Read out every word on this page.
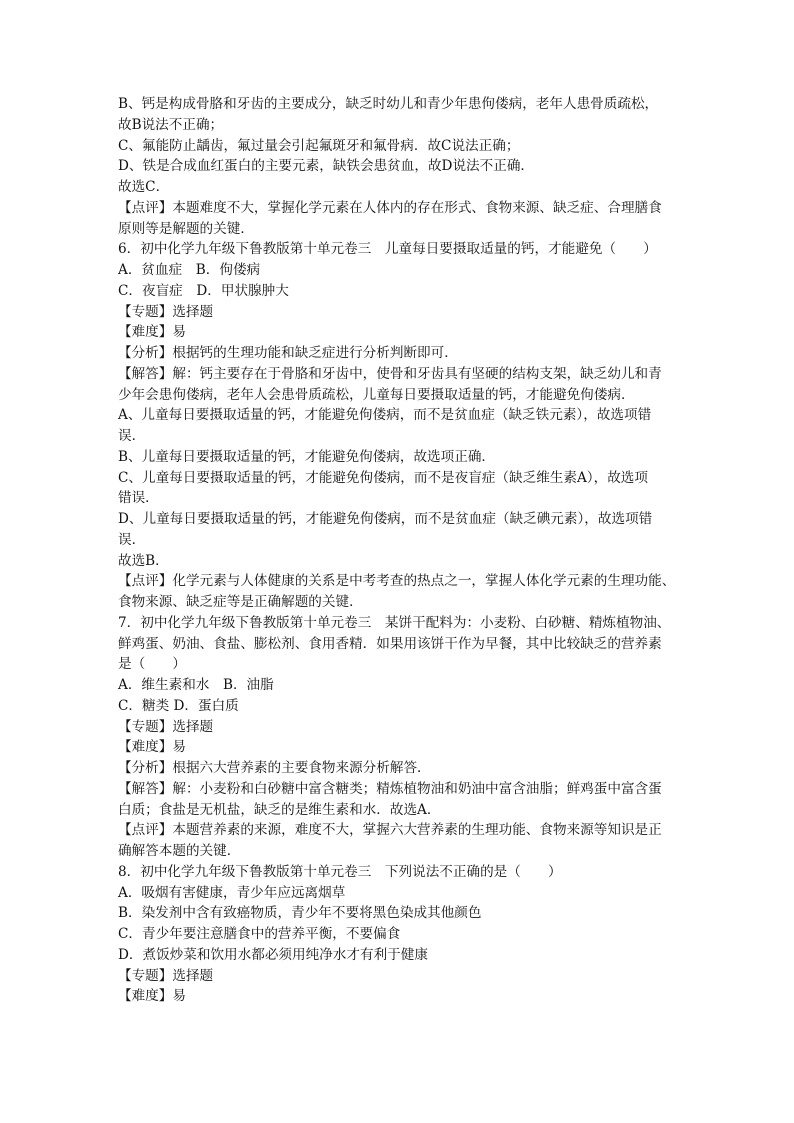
B、钙是构成骨胳和牙齿的主要成分，缺乏时幼儿和青少年患佝偻病，老年人患骨质疏松，
故B说法不正确；
C、氟能防止龋齿，氟过量会引起氟斑牙和氟骨病．故C说法正确；
D、铁是合成血红蛋白的主要元素，缺铁会患贫血，故D说法不正确．
故选C．
【点评】本题难度不大，掌握化学元素在人体内的存在形式、食物来源、缺乏症、合理膳食
原则等是解题的关键．
6．初中化学九年级下鲁教版第十单元卷三　儿童每日要摄取适量的钙，才能避免（　　）
A．贫血症　B．佝偻病
C．夜盲症　D．甲状腺肿大
【专题】选择题
【难度】易
【分析】根据钙的生理功能和缺乏症进行分析判断即可．
【解答】解：钙主要存在于骨胳和牙齿中，使骨和牙齿具有坚硬的结构支架，缺乏幼儿和青
少年会患佝偻病，老年人会患骨质疏松，儿童每日要摄取适量的钙，才能避免佝偻病．
A、儿童每日要摄取适量的钙，才能避免佝偻病，而不是贫血症（缺乏铁元素），故选项错
误．
B、儿童每日要摄取适量的钙，才能避免佝偻病，故选项正确．
C、儿童每日要摄取适量的钙，才能避免佝偻病，而不是夜盲症（缺乏维生素A），故选项
错误．
D、儿童每日要摄取适量的钙，才能避免佝偻病，而不是贫血症（缺乏碘元素），故选项错
误．
故选B．
【点评】化学元素与人体健康的关系是中考考查的热点之一，掌握人体化学元素的生理功能、
食物来源、缺乏症等是正确解题的关键．
7．初中化学九年级下鲁教版第十单元卷三　某饼干配料为：小麦粉、白砂糖、精炼植物油、
鲜鸡蛋、奶油、食盐、膨松剂、食用香精．如果用该饼干作为早餐，其中比较缺乏的营养素
是（　　）
A．维生素和水　B．油脂
C．糖类 D．蛋白质
【专题】选择题
【难度】易
【分析】根据六大营养素的主要食物来源分析解答．
【解答】解：小麦粉和白砂糖中富含糖类；精炼植物油和奶油中富含油脂；鲜鸡蛋中富含蛋
白质；食盐是无机盐，缺乏的是维生素和水．故选A．
【点评】本题营养素的来源，难度不大，掌握六大营养素的生理功能、食物来源等知识是正
确解答本题的关键．
8．初中化学九年级下鲁教版第十单元卷三　下列说法不正确的是（　　）
A．吸烟有害健康，青少年应远离烟草
B．染发剂中含有致癌物质，青少年不要将黑色染成其他颜色
C．青少年要注意膳食中的营养平衡，不要偏食
D．煮饭炒菜和饮用水都必须用纯净水才有利于健康
【专题】选择题
【难度】易
